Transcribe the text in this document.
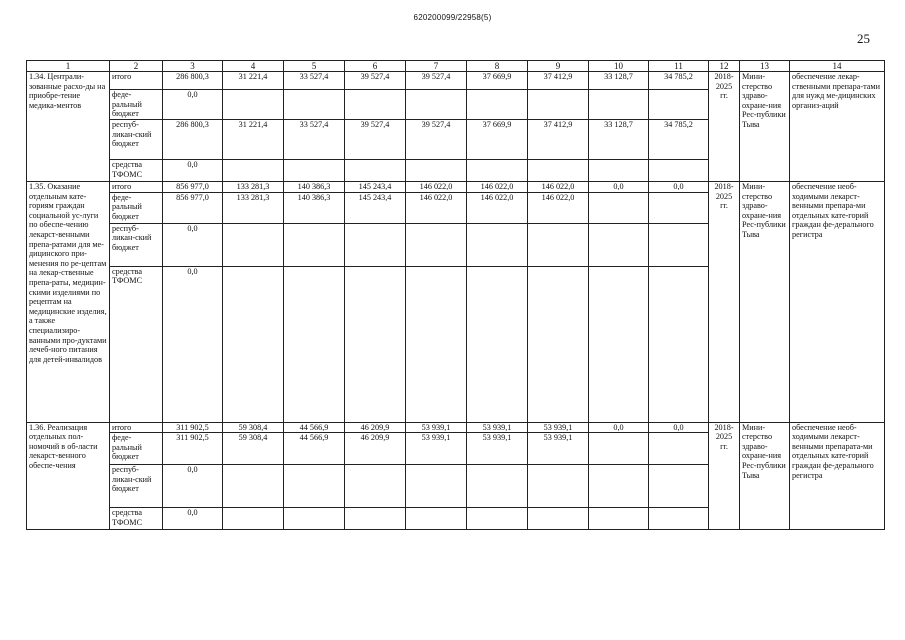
620200099/22958(5)
25
1	2	3	4	5	6	7	8	9	10	11	12	13	14
1.34. Централи-зованные расхо-ды на приобре-тение медика-ментов	итого	286 800,3	31 221,4	33 527,4	39 527,4	39 527,4	37 669,9	37 412,9	33 128,7	34 785,2	2018-2025 гг.	Мини-стерство здраво-охране-ния Рес-публики Тыва	обеспечение лекар-ственными препара-тами для нужд ме-дицинских организ-аций
	феде-ральный бюджет	0,0											
	респуб-ликан-ский бюджет	286 800,3	31 221,4	33 527,4	39 527,4	39 527,4	37 669,9	37 412,9	33 128,7	34 785,2			
	средства ТФОМС	0,0											
1.35. Оказание отдельным кате-гориям граждан социальной ус-луги по обеспе-чению лекарст-венными препа-ратами для ме-дицинского при-менения по ре-цептам на лекар-ственные препа-раты, медицин-скими изделиями по рецептам на медицинские изделия, а также специализиро-ванными про-дуктами лечеб-ного питания для детей-инвалидов	итого	856 977,0	133 281,3	140 386,3	145 243,4	146 022,0	146 022,0	146 022,0	0,0	0,0	2018-2025 гг.	Мини-стерство здраво-охране-ния Рес-публики Тыва	обеспечение необ-ходимыми лекарст-венными препара-ми отдельных кате-горий граждан фе-дерального регистра
	феде-ральный бюджет	856 977,0	133 281,3	140 386,3	145 243,4	146 022,0	146 022,0	146 022,0					
	респуб-ликан-ский бюджет	0,0											
	средства ТФОМС	0,0											
1.36. Реализация отдельных пол-номочий в об-ласти лекарст-венного обеспе-чения	итого	311 902,5	59 308,4	44 566,9	46 209,9	53 939,1	53 939,1	53 939,1	0,0	0,0	2018-2025 гг.	Мини-стерство здраво-охране-ния Рес-публики Тыва	обеспечение необ-ходимыми лекарст-венными препарата-ми отдельных кате-горий граждан фе-дерального регистра
	феде-ральный бюджет	311 902,5	59 308,4	44 566,9	46 209,9	53 939,1	53 939,1	53 939,1					
	респуб-ликан-ский бюджет	0,0											
	средства ТФОМС	0,0											
